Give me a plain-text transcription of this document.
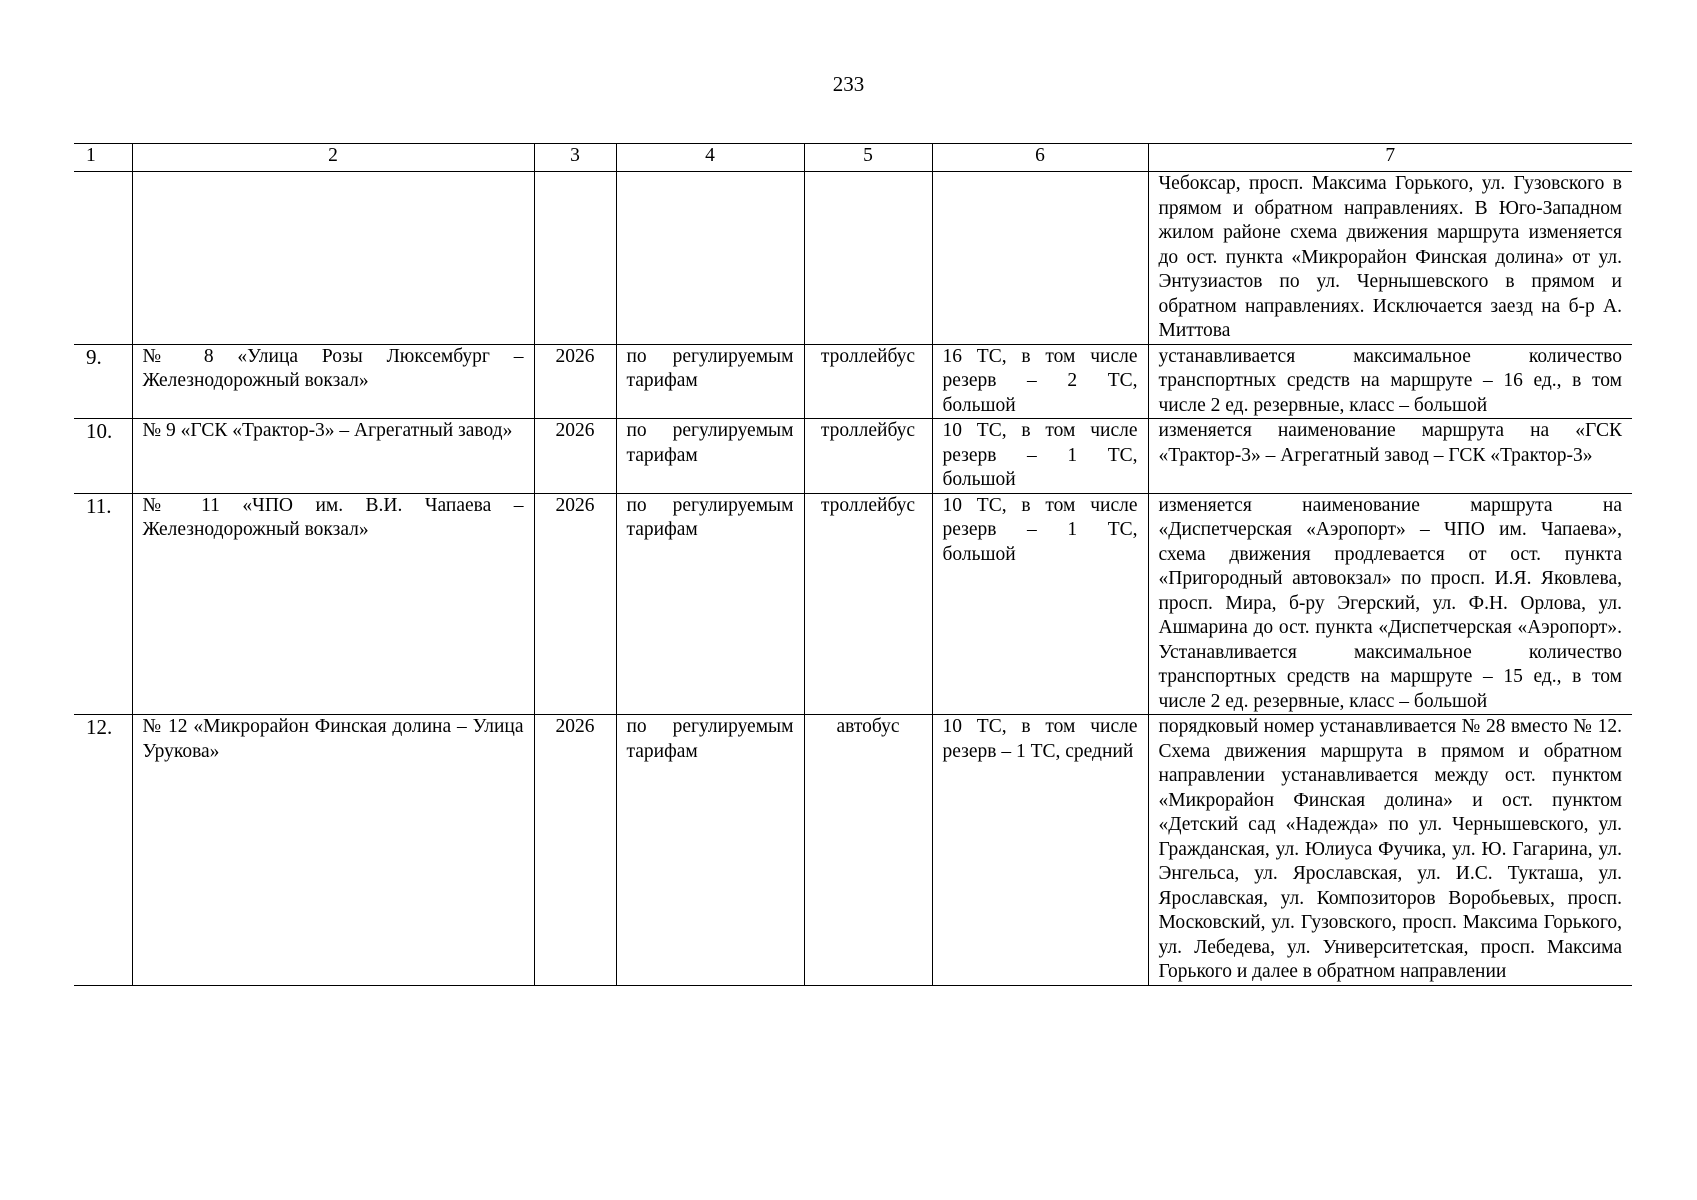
233
1	2	3	4	5	6	7
						Чебоксар, просп. Максима Горького, ул. Гузовского в прямом и обратном направлениях. В Юго-Западном жилом районе схема движения маршрута изменяется до ост. пункта «Микрорайон Финская долина» от ул. Энтузиастов по ул. Чернышевского в прямом и обратном направлениях. Исключается заезд на б-р А. Миттова
9.	№ 8 «Улица Розы Люксембург – Железнодорожный вокзал»	2026	по регулируемым тарифам	троллейбус	16 ТС, в том числе резерв – 2 ТС, большой	устанавливается максимальное количество транспортных средств на маршруте – 16 ед., в том числе 2 ед. резервные, класс – большой
10.	№ 9 «ГСК «Трактор-3» – Агрегатный завод»	2026	по регулируемым тарифам	троллейбус	10 ТС, в том числе резерв – 1 ТС, большой	изменяется наименование маршрута на «ГСК «Трактор-3» – Агрегатный завод – ГСК «Трактор-3»
11.	№ 11 «ЧПО им. В.И. Чапаева – Железнодорожный вокзал»	2026	по регулируемым тарифам	троллейбус	10 ТС, в том числе резерв – 1 ТС, большой	изменяется наименование маршрута на «Диспетчерская «Аэропорт» – ЧПО им. Чапаева», схема движения продлевается от ост. пункта «Пригородный автовокзал» по просп. И.Я. Яковлева, просп. Мира, б-ру Эгерский, ул. Ф.Н. Орлова, ул. Ашмарина до ост. пункта «Диспетчерская «Аэропорт». Устанавливается максимальное количество транспортных средств на маршруте – 15 ед., в том числе 2 ед. резервные, класс – большой
12.	№ 12 «Микрорайон Финская долина – Улица Урукова»	2026	по регулируемым тарифам	автобус	10 ТС, в том числе резерв – 1 ТС, средний	порядковый номер устанавливается № 28 вместо № 12. Схема движения маршрута в прямом и обратном направлении устанавливается между ост. пунктом «Микрорайон Финская долина» и ост. пунктом «Детский сад «Надежда» по ул. Чернышевского, ул. Гражданская, ул. Юлиуса Фучика, ул. Ю. Гагарина, ул. Энгельса, ул. Ярославская, ул. И.С. Тукташа, ул. Ярославская, ул. Композиторов Воробьевых, просп. Московский, ул. Гузовского, просп. Максима Горького, ул. Лебедева, ул. Университетская, просп. Максима Горького и далее в обратном направлении
